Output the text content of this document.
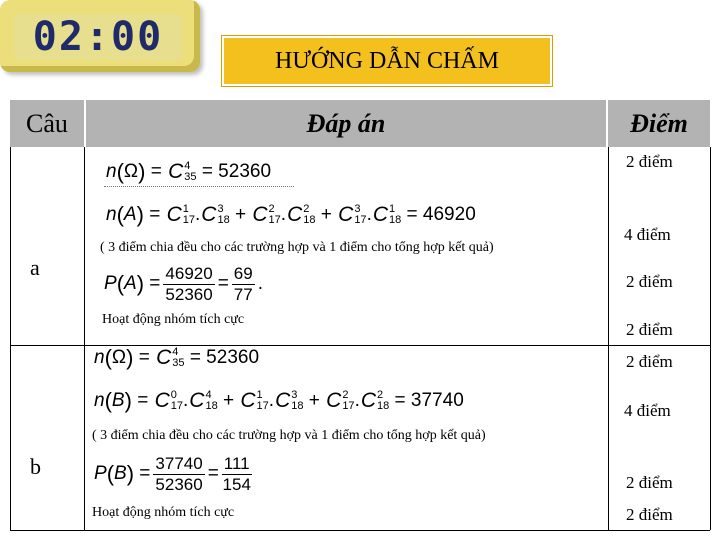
02:00
HƯỚNG DẪN CHẤM
Câu	Đáp án	Điểm
a
n ( Ω ) = C 4
35
= 52360
n ( A ) = C 1
17 . C 3
18 + C 2
17 . C 2
18 + C 3
17 . C 1
18
= 46920
( 3 điểm chia đều cho các trường hợp và 1 điểm cho tổng hợp kết quả)
P ( A ) = $\frac{46920}{52360} = \frac{69}{77}$ .
Hoạt động nhóm tích cực
2 điểm
4 điểm
2 điểm
2 điểm
b
n ( Ω ) = C 4
35
= 52360
n ( B ) = C 0
17 . C 4
18 + C 1
17 . C 3
18 + C 2
17 . C 2
18
= 37740
( 3 điểm chia đều cho các trường hợp và 1 điểm cho tổng hợp kết quả)
P ( B ) = $\frac{37740}{52360} = \frac{111}{154}$
Hoạt động nhóm tích cực
2 điểm
4 điểm
2 điểm
2 điểm
